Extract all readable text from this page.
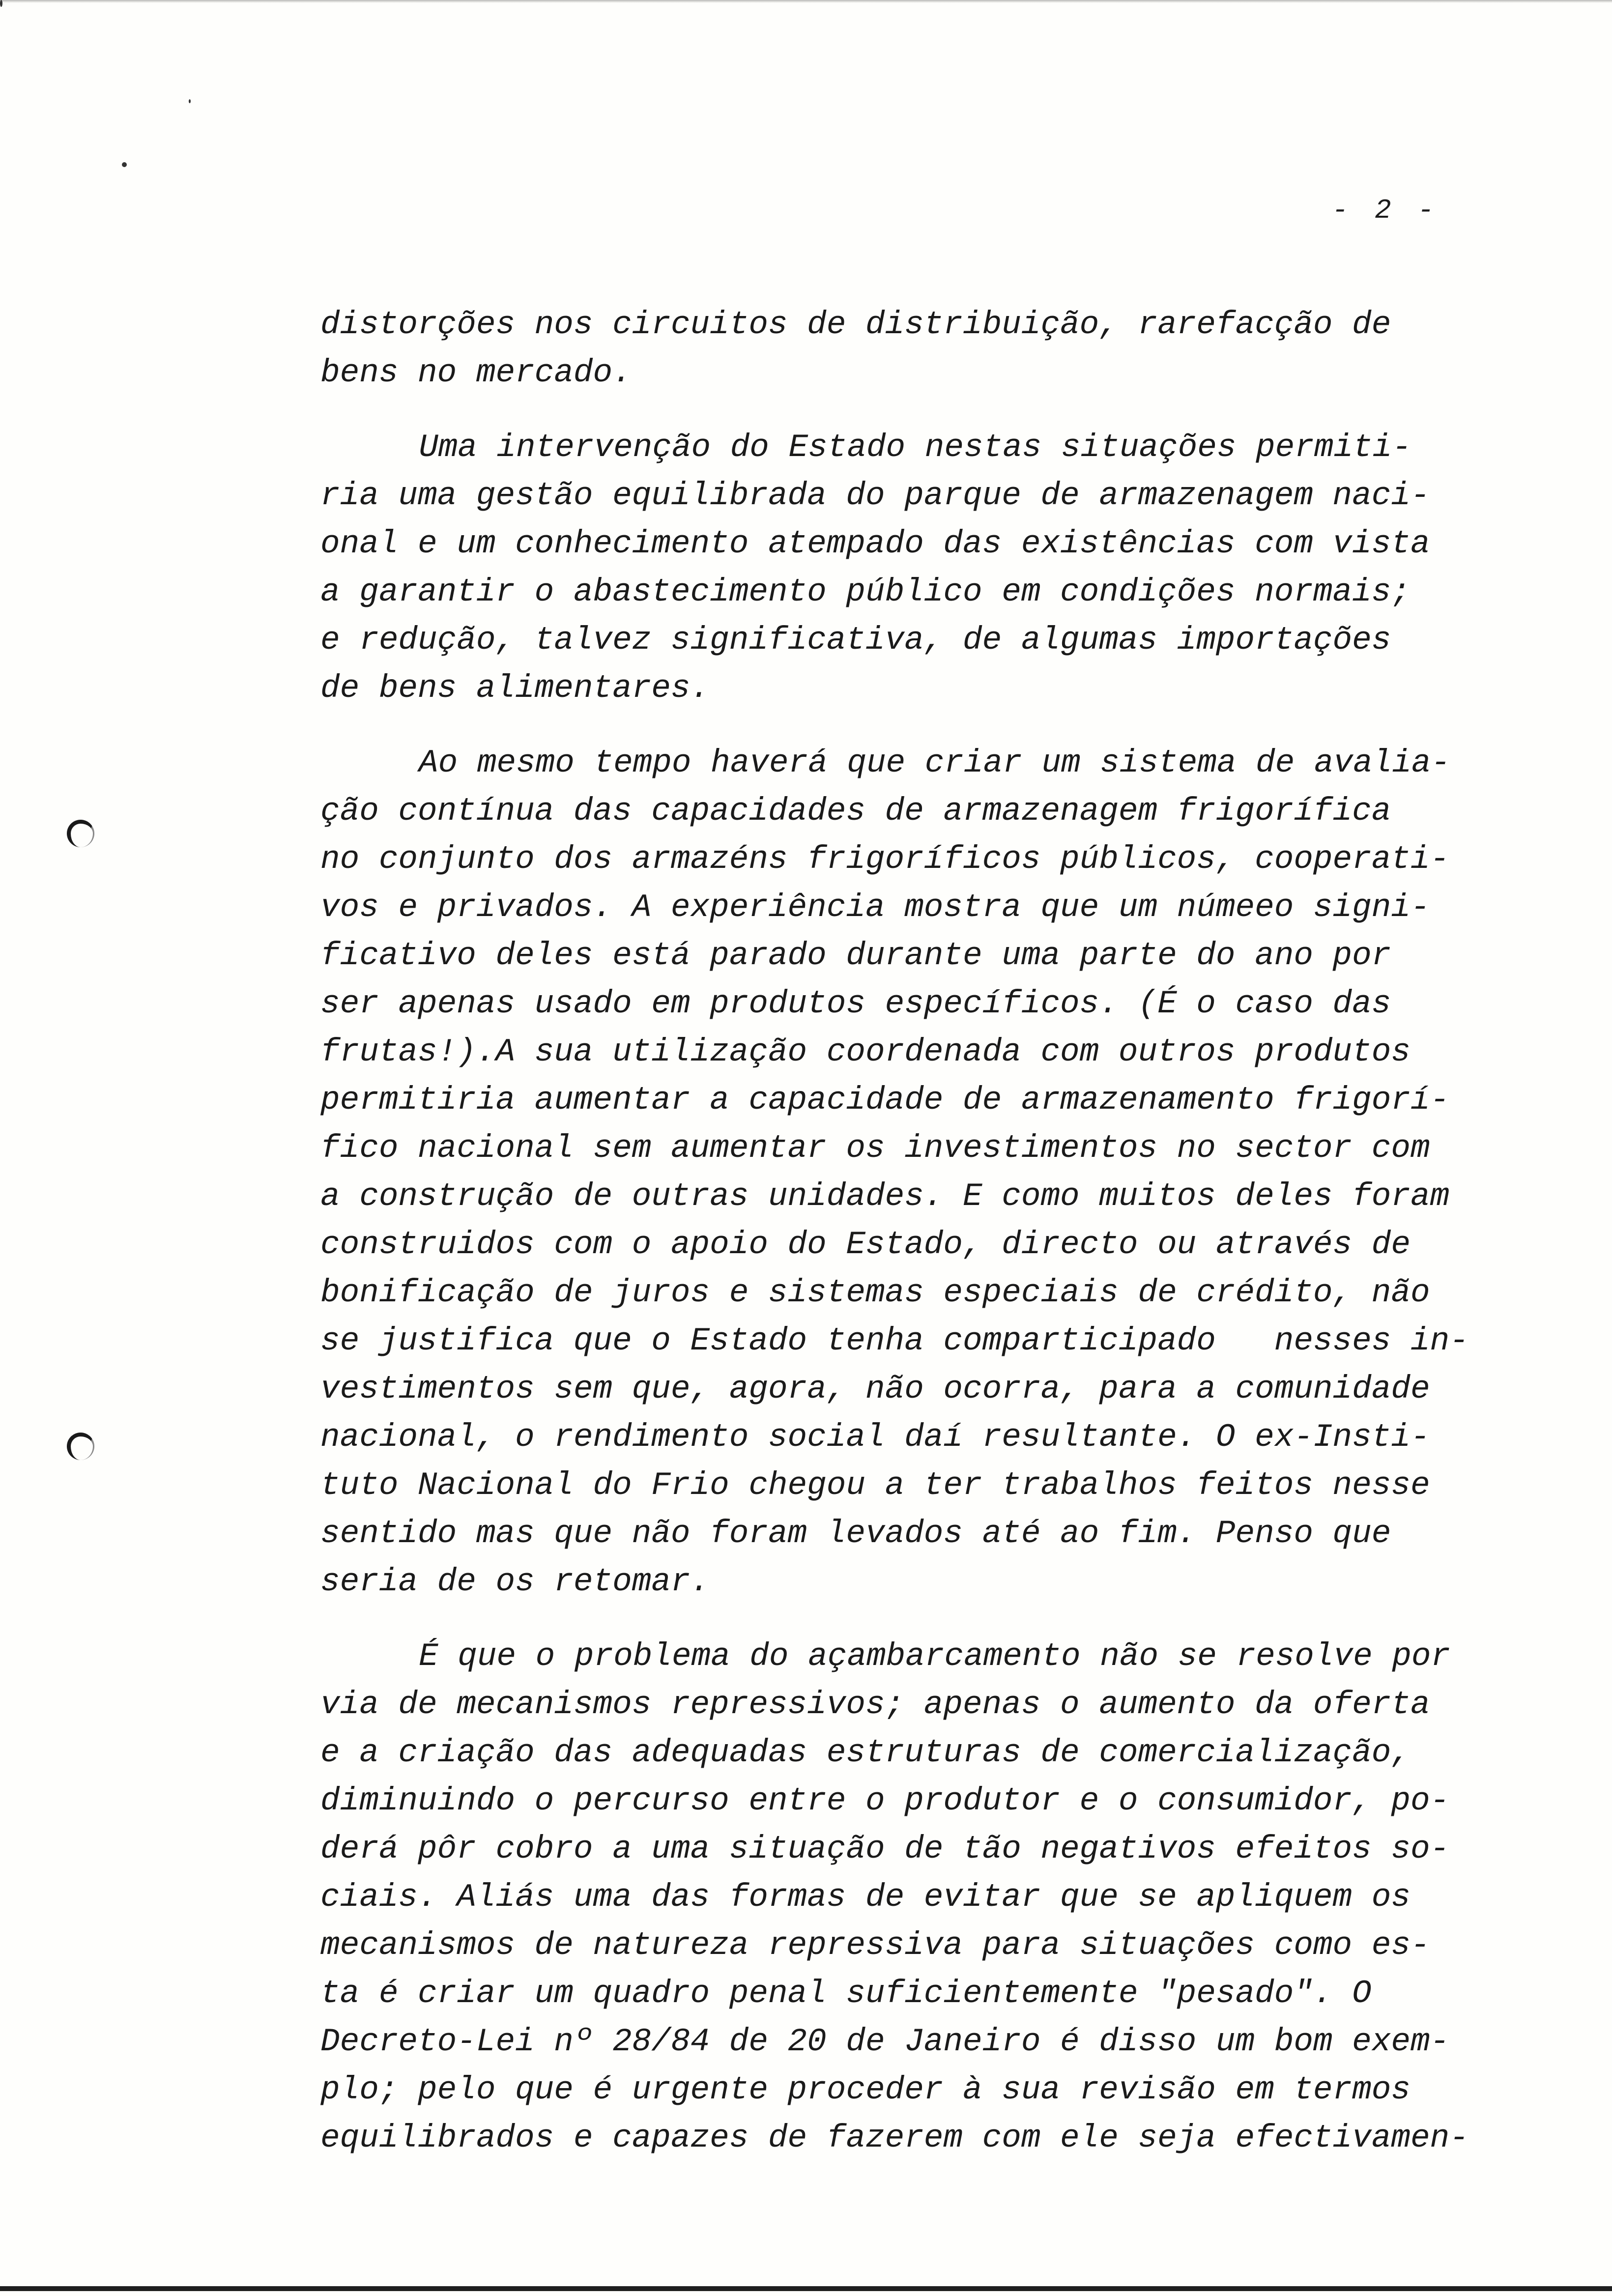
- 2 -
distorções nos circuitos de distribuição, rarefacção de
bens no mercado.
Uma intervenção do Estado nestas situações permiti-
ria uma gestão equilibrada do parque de armazenagem naci-
onal e um conhecimento atempado das existências com vista
a garantir o abastecimento público em condições normais;
e redução, talvez significativa, de algumas importações
de bens alimentares.
Ao mesmo tempo haverá que criar um sistema de avalia-
ção contínua das capacidades de armazenagem frigorífica
no conjunto dos armazéns frigoríficos públicos, cooperati-
vos e privados. A experiência mostra que um númeeo signi-
ficativo deles está parado durante uma parte do ano por
ser apenas usado em produtos específicos. (É o caso das
frutas!).A sua utilização coordenada com outros produtos
permitiria aumentar a capacidade de armazenamento frigorí-
fico nacional sem aumentar os investimentos no sector com
a construção de outras unidades. E como muitos deles foram
construidos com o apoio do Estado, directo ou através de
bonificação de juros e sistemas especiais de crédito, não
se justifica que o Estado tenha comparticipado   nesses in-
vestimentos sem que, agora, não ocorra, para a comunidade
nacional, o rendimento social daí resultante. O ex-Insti-
tuto Nacional do Frio chegou a ter trabalhos feitos nesse
sentido mas que não foram levados até ao fim. Penso que
seria de os retomar.
É que o problema do açambarcamento não se resolve por
via de mecanismos repressivos; apenas o aumento da oferta
e a criação das adequadas estruturas de comercialização,
diminuindo o percurso entre o produtor e o consumidor, po-
derá pôr cobro a uma situação de tão negativos efeitos so-
ciais. Aliás uma das formas de evitar que se apliquem os
mecanismos de natureza repressiva para situações como es-
ta é criar um quadro penal suficientemente "pesado". O
Decreto-Lei nº 28/84 de 20 de Janeiro é disso um bom exem-
plo; pelo que é urgente proceder à sua revisão em termos
equilibrados e capazes de fazerem com ele seja efectivamen-
